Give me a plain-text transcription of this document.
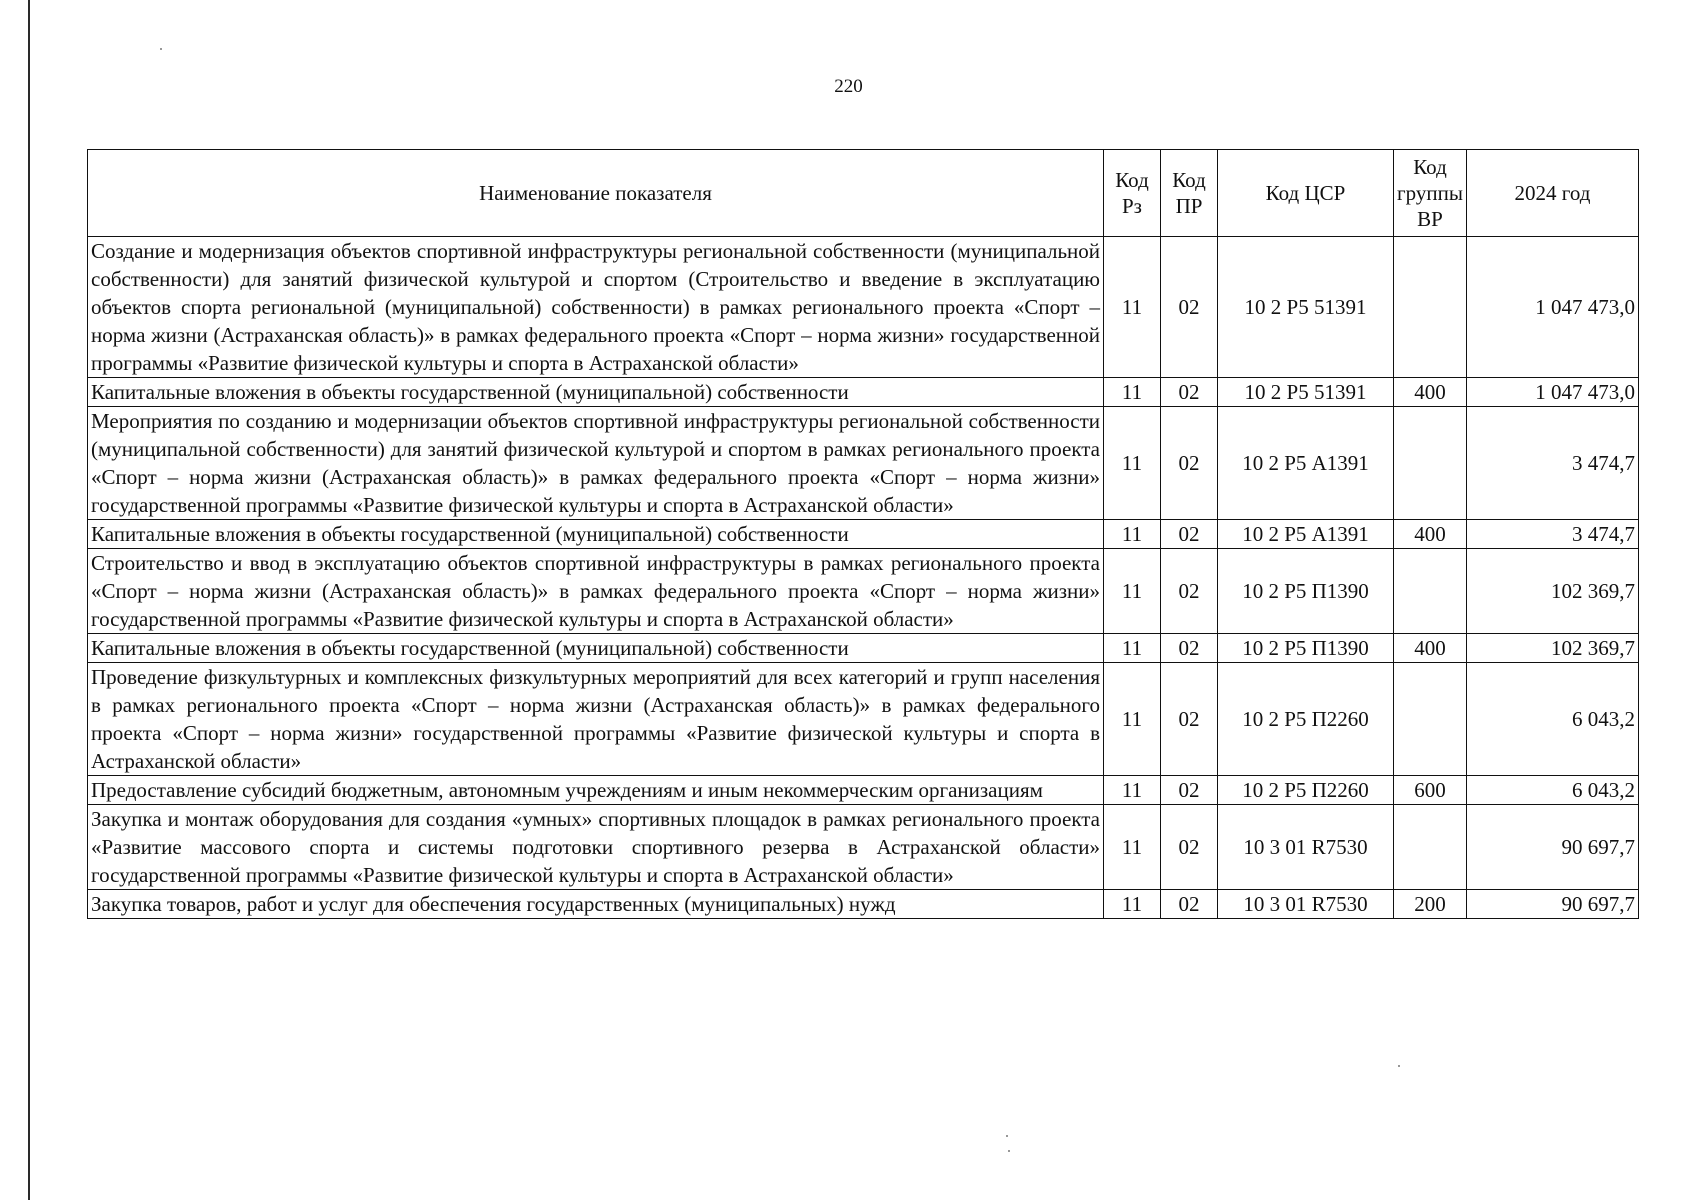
220
Наименование показателя	Код Рз	Код ПР	Код ЦСР	Код группы ВР	2024 год
Создание и модернизация объектов спортивной инфраструктуры региональной собственности (муниципальной собственности) для занятий физической культурой и спортом (Строительство и введение в эксплуатацию объектов спорта региональной (муниципальной) собственности) в рамках регионального проекта «Спорт – норма жизни (Астраханская область)» в рамках федерального проекта «Спорт – норма жизни» государственной программы «Развитие физической культуры и спорта в Астраханской области»	11	02	10 2 Р5 51391		1 047 473,0
Капитальные вложения в объекты государственной (муниципальной) собственности	11	02	10 2 Р5 51391	400	1 047 473,0
Мероприятия по созданию и модернизации объектов спортивной инфраструктуры региональной собственности (муниципальной собственности) для занятий физической культурой и спортом в рамках регионального проекта «Спорт – норма жизни (Астраханская область)» в рамках федерального проекта «Спорт – норма жизни» государственной программы «Развитие физической культуры и спорта в Астраханской области»	11	02	10 2 Р5 А1391		3 474,7
Капитальные вложения в объекты государственной (муниципальной) собственности	11	02	10 2 Р5 А1391	400	3 474,7
Строительство и ввод в эксплуатацию объектов спортивной инфраструктуры в рамках регионального проекта «Спорт – норма жизни (Астраханская область)» в рамках федерального проекта «Спорт – норма жизни» государственной программы «Развитие физической культуры и спорта в Астраханской области»	11	02	10 2 Р5 П1390		102 369,7
Капитальные вложения в объекты государственной (муниципальной) собственности	11	02	10 2 Р5 П1390	400	102 369,7
Проведение физкультурных и комплексных физкультурных мероприятий для всех категорий и групп населения в рамках регионального проекта «Спорт – норма жизни (Астраханская область)» в рамках федерального проекта «Спорт – норма жизни» государственной программы «Развитие физической культуры и спорта в Астраханской области»	11	02	10 2 Р5 П2260		6 043,2
Предоставление субсидий бюджетным, автономным учреждениям и иным некоммерческим организациям	11	02	10 2 Р5 П2260	600	6 043,2
Закупка и монтаж оборудования для создания «умных» спортивных площадок в рамках регионального проекта «Развитие массового спорта и системы подготовки спортивного резерва в Астраханской области» государственной программы «Развитие физической культуры и спорта в Астраханской области»	11	02	10 3 01 R7530		90 697,7
Закупка товаров, работ и услуг для обеспечения государственных (муниципальных) нужд	11	02	10 3 01 R7530	200	90 697,7
